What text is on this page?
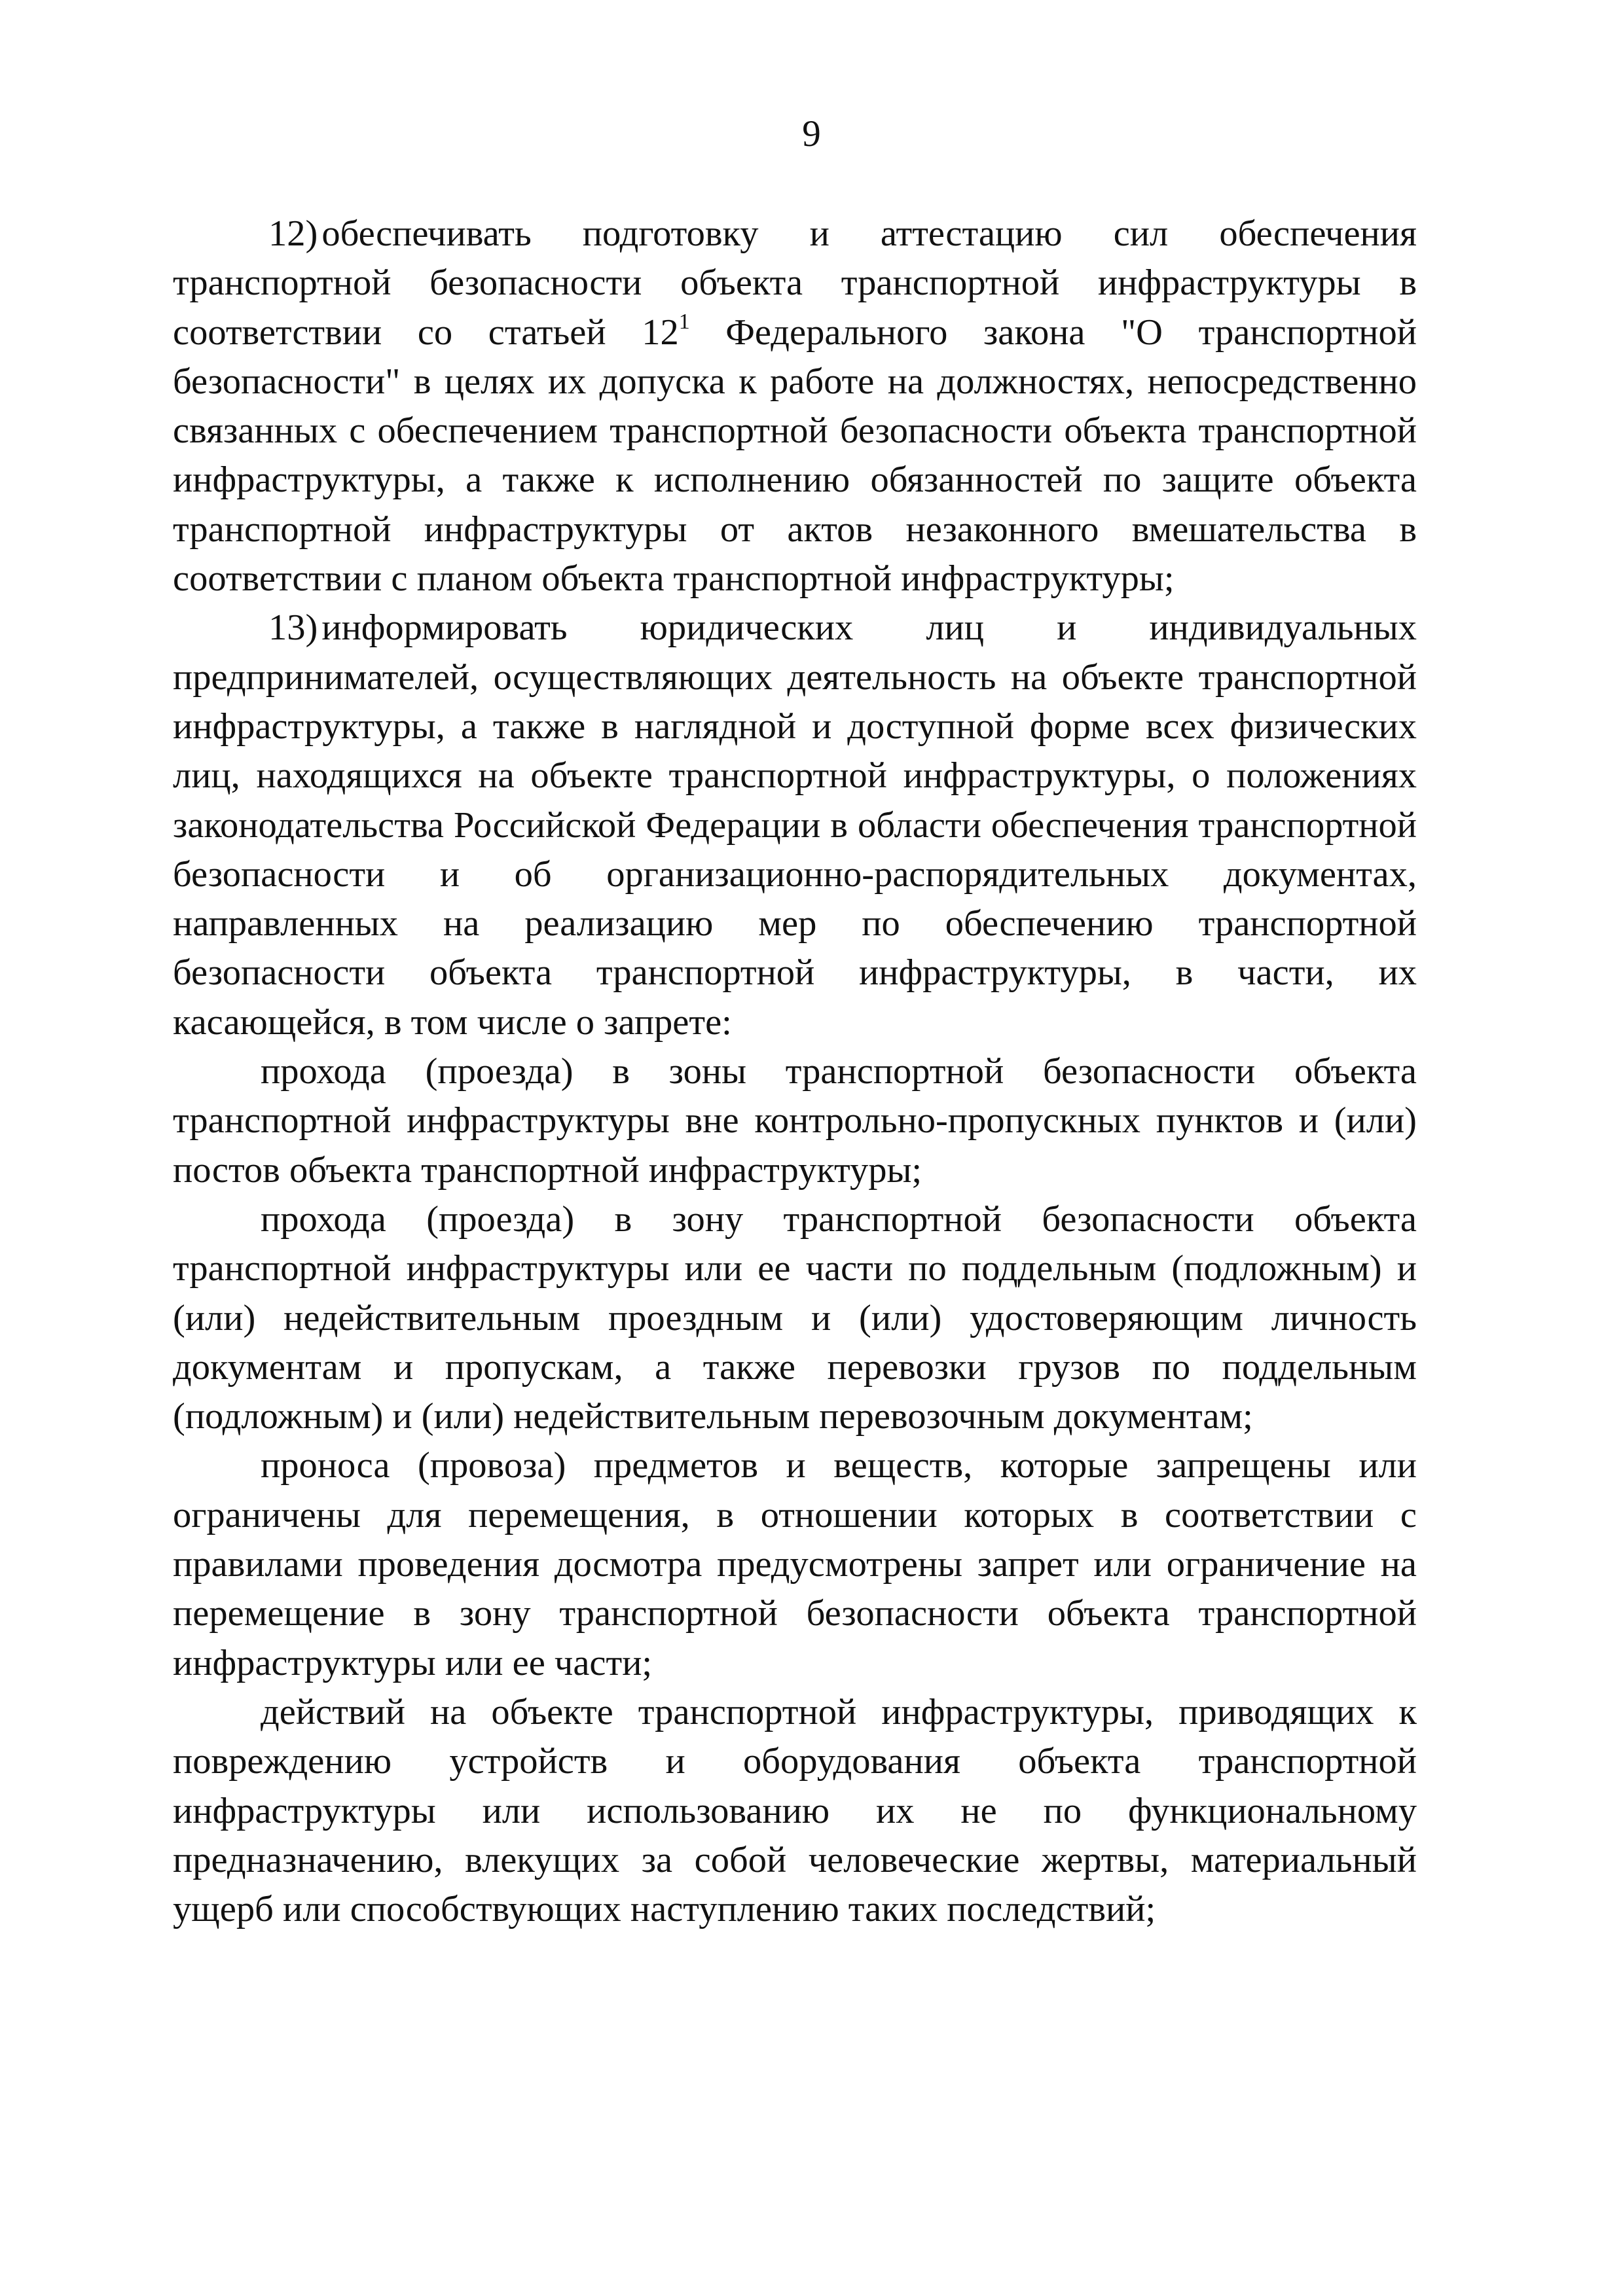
9

12) обеспечивать подготовку и аттестацию сил обеспечения транспортной безопасности объекта транспортной инфраструктуры в соответствии со статьей $12^1$ Федерального закона "О транспортной безопасности" в целях их допуска к работе на должностях, непосредственно связанных с обеспечением транспортной безопасности объекта транспортной инфраструктуры, а также к исполнению обязанностей по защите объекта транспортной инфраструктуры от актов незаконного вмешательства в соответствии с планом объекта транспортной инфраструктуры;

13) информировать юридических лиц и индивидуальных предпринимателей, осуществляющих деятельность на объекте транспортной инфраструктуры, а также в наглядной и доступной форме всех физических лиц, находящихся на объекте транспортной инфраструктуры, о положениях законодательства Российской Федерации в области обеспечения транспортной безопасности и об организационно-распорядительных документах, направленных на реализацию мер по обеспечению транспортной безопасности объекта транспортной инфраструктуры, в части, их касающейся, в том числе о запрете:

прохода (проезда) в зоны транспортной безопасности объекта транспортной инфраструктуры вне контрольно-пропускных пунктов и (или) постов объекта транспортной инфраструктуры;

прохода (проезда) в зону транспортной безопасности объекта транспортной инфраструктуры или ее части по поддельным (подложным) и (или) недействительным проездным и (или) удостоверяющим личность документам и пропускам, а также перевозки грузов по поддельным (подложным) и (или) недействительным перевозочным документам;

проноса (провоза) предметов и веществ, которые запрещены или ограничены для перемещения, в отношении которых в соответствии с правилами проведения досмотра предусмотрены запрет или ограничение на перемещение в зону транспортной безопасности объекта транспортной инфраструктуры или ее части;

действий на объекте транспортной инфраструктуры, приводящих к повреждению устройств и оборудования объекта транспортной инфраструктуры или использованию их не по функциональному предназначению, влекущих за собой человеческие жертвы, материальный ущерб или способствующих наступлению таких последствий;
